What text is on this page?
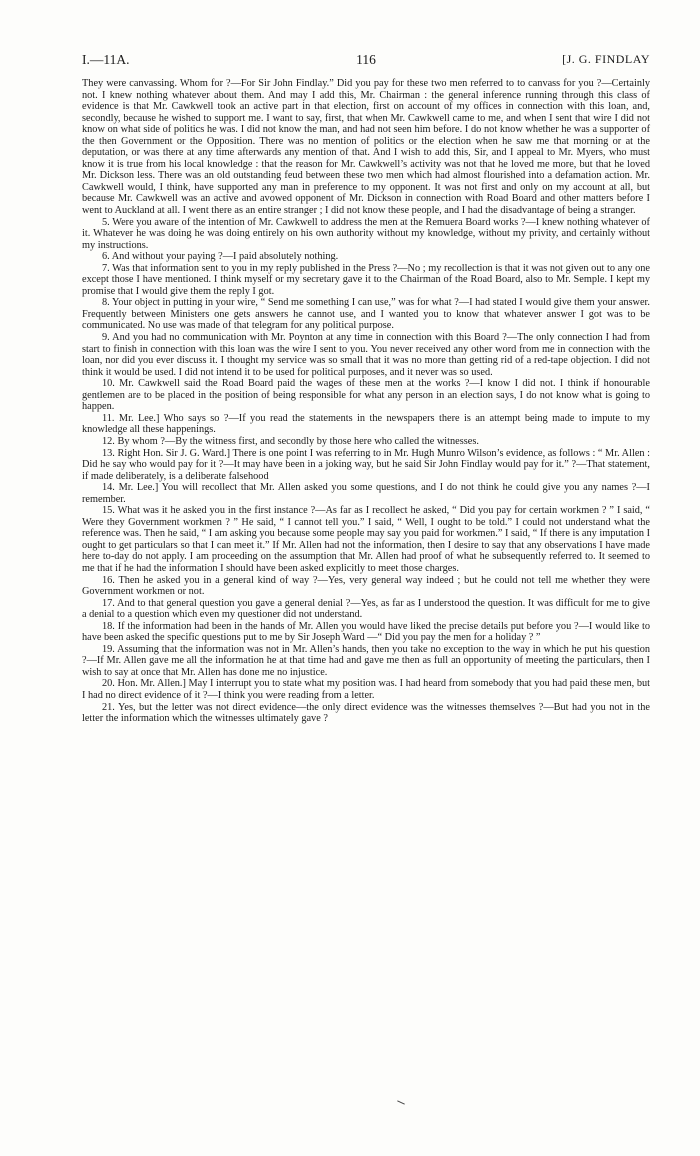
I.—11A.	116	[J. G. FINDLAY

They were canvassing. Whom for ?—For Sir John Findlay.” Did you pay for these two men referred to to canvass for you ?—Certainly not. I knew nothing whatever about them. And may I add this, Mr. Chairman : the general inference running through this class of evidence is that Mr. Cawkwell took an active part in that election, first on account of my offices in connection with this loan, and, secondly, because he wished to support me. I want to say, first, that when Mr. Cawkwell came to me, and when I sent that wire I did not know on what side of politics he was. I did not know the man, and had not seen him before. I do not know whether he was a supporter of the then Government or the Opposition. There was no mention of politics or the election when he saw me that morning or at the deputation, or was there at any time afterwards any mention of that. And I wish to add this, Sir, and I appeal to Mr. Myers, who must know it is true from his local knowledge : that the reason for Mr. Cawkwell’s activity was not that he loved me more, but that he loved Mr. Dickson less. There was an old outstanding feud between these two men which had almost flourished into a defamation action. Mr. Cawkwell would, I think, have supported any man in preference to my opponent. It was not first and only on my account at all, but because Mr. Cawkwell was an active and avowed opponent of Mr. Dickson in connection with Road Board and other matters before I went to Auckland at all. I went there as an entire stranger ; I did not know these people, and I had the disadvantage of being a stranger.

5. Were you aware of the intention of Mr. Cawkwell to address the men at the Remuera Board works ?—I knew nothing whatever of it. Whatever he was doing he was doing entirely on his own authority without my knowledge, without my privity, and certainly without my instructions.

6. And without your paying ?—I paid absolutely nothing.

7. Was that information sent to you in my reply published in the Press ?—No ; my recollection is that it was not given out to any one except those I have mentioned. I think myself or my secretary gave it to the Chairman of the Road Board, also to Mr. Semple. I kept my promise that I would give them the reply I got.

8. Your object in putting in your wire, “ Send me something I can use,” was for what ?—I had stated I would give them your answer. Frequently between Ministers one gets answers he cannot use, and I wanted you to know that whatever answer I got was to be communicated. No use was made of that telegram for any political purpose.

9. And you had no communication with Mr. Poynton at any time in connection with this Board ?—The only connection I had from start to finish in connection with this loan was the wire I sent to you. You never received any other word from me in connection with the loan, nor did you ever discuss it. I thought my service was so small that it was no more than getting rid of a red-tape objection. I did not think it would be used. I did not intend it to be used for political purposes, and it never was so used.

10. Mr. Cawkwell said the Road Board paid the wages of these men at the works ?—I know I did not. I think if honourable gentlemen are to be placed in the position of being responsible for what any person in an election says, I do not know what is going to happen.

11. Mr. Lee.] Who says so ?—If you read the statements in the newspapers there is an attempt being made to impute to my knowledge all these happenings.

12. By whom ?—By the witness first, and secondly by those here who called the witnesses.

13. Right Hon. Sir J. G. Ward.] There is one point I was referring to in Mr. Hugh Munro Wilson’s evidence, as follows : “ Mr. Allen : Did he say who would pay for it ?—It may have been in a joking way, but he said Sir John Findlay would pay for it.” ?—That statement, if made deliberately, is a deliberate falsehood

14. Mr. Lee.] You will recollect that Mr. Allen asked you some questions, and I do not think he could give you any names ?—I remember.

15. What was it he asked you in the first instance ?—As far as I recollect he asked, “ Did you pay for certain workmen ? ” I said, “ Were they Government workmen ? ” He said, “ I cannot tell you.” I said, “ Well, I ought to be told.” I could not understand what the reference was. Then he said, “ I am asking you because some people may say you paid for workmen.” I said, “ If there is any imputation I ought to get particulars so that I can meet it.” If Mr. Allen had not the information, then I desire to say that any observations I have made here to-day do not apply. I am proceeding on the assumption that Mr. Allen had proof of what he subsequently referred to. It seemed to me that if he had the information I should have been asked explicitly to meet those charges.

16. Then he asked you in a general kind of way ?—Yes, very general way indeed ; but he could not tell me whether they were Government workmen or not.

17. And to that general question you gave a general denial ?—Yes, as far as I understood the question. It was difficult for me to give a denial to a question which even my questioner did not understand.

18. If the information had been in the hands of Mr. Allen you would have liked the precise details put before you ?—I would like to have been asked the specific questions put to me by Sir Joseph Ward —“ Did you pay the men for a holiday ? ”

19. Assuming that the information was not in Mr. Allen’s hands, then you take no exception to the way in which he put his question ?—If Mr. Allen gave me all the information he at that time had and gave me then as full an opportunity of meeting the particulars, then I wish to say at once that Mr. Allen has done me no injustice.

20. Hon. Mr. Allen.] May I interrupt you to state what my position was. I had heard from somebody that you had paid these men, but I had no direct evidence of it ?—I think you were reading from a letter.

21. Yes, but the letter was not direct evidence—the only direct evidence was the witnesses themselves ?—But had you not in the letter the information which the witnesses ultimately gave ?
